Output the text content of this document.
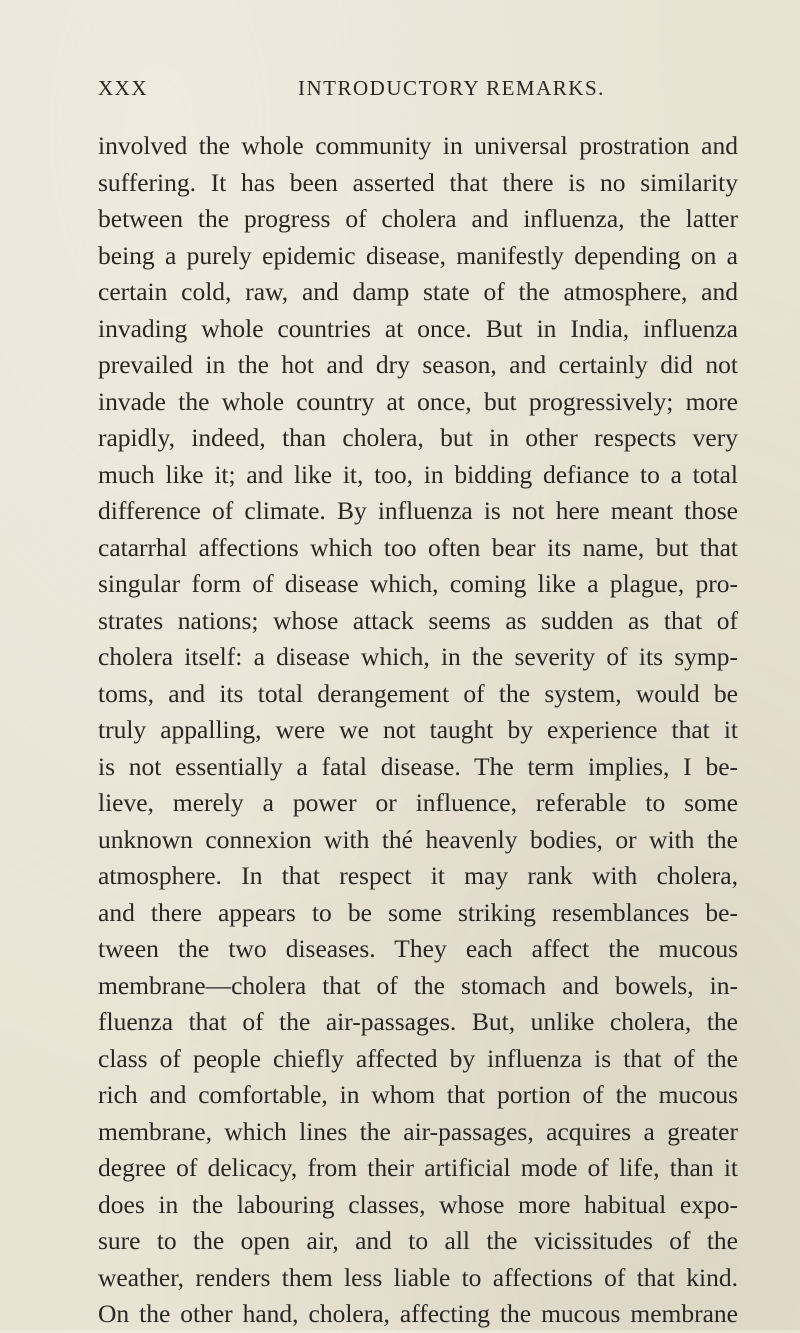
XXX	INTRODUCTORY REMARKS.
involved the whole community in universal prostration and
suffering. It has been asserted that there is no similarity
between the progress of cholera and influenza, the latter
being a purely epidemic disease, manifestly depending on a
certain cold, raw, and damp state of the atmosphere, and
invading whole countries at once. But in India, influenza
prevailed in the hot and dry season, and certainly did not
invade the whole country at once, but progressively; more
rapidly, indeed, than cholera, but in other respects very
much like it; and like it, too, in bidding defiance to a total
difference of climate. By influenza is not here meant those
catarrhal affections which too often bear its name, but that
singular form of disease which, coming like a plague, pro-
strates nations; whose attack seems as sudden as that of
cholera itself: a disease which, in the severity of its symp-
toms, and its total derangement of the system, would be
truly appalling, were we not taught by experience that it
is not essentially a fatal disease. The term implies, I be-
lieve, merely a power or influence, referable to some
unknown connexion with thé heavenly bodies, or with the
atmosphere. In that respect it may rank with cholera,
and there appears to be some striking resemblances be-
tween the two diseases. They each affect the mucous
membrane—cholera that of the stomach and bowels, in-
fluenza that of the air-passages. But, unlike cholera, the
class of people chiefly affected by influenza is that of the
rich and comfortable, in whom that portion of the mucous
membrane, which lines the air-passages, acquires a greater
degree of delicacy, from their artificial mode of life, than it
does in the labouring classes, whose more habitual expo-
sure to the open air, and to all the vicissitudes of the
weather, renders them less liable to affections of that kind.
On the other hand, cholera, affecting the mucous membrane
